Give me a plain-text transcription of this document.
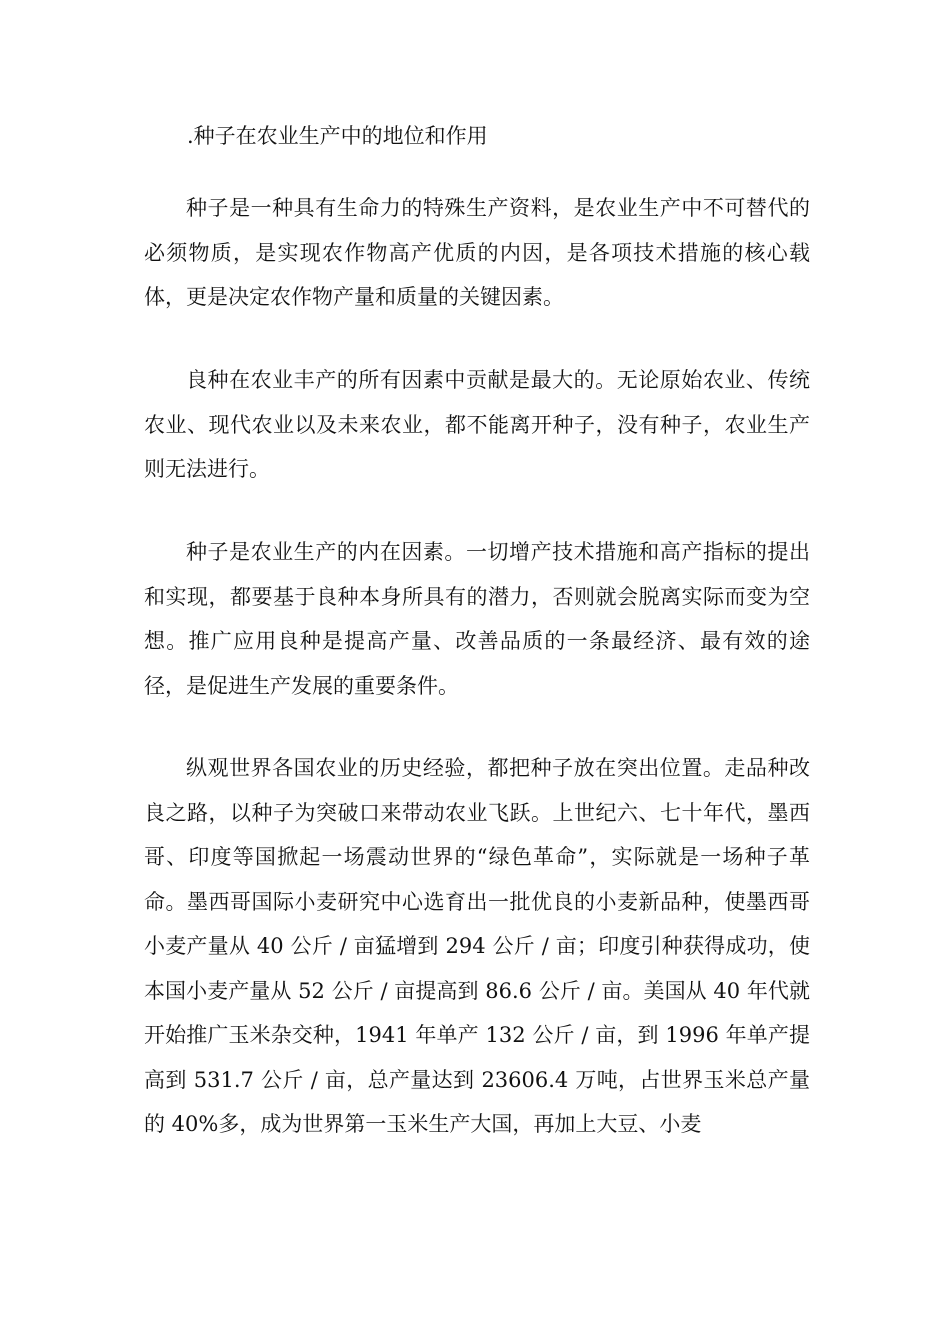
.种子在农业生产中的地位和作用

种子是一种具有生命力的特殊生产资料，是农业生产中不可替代的必须物质，是实现农作物高产优质的内因，是各项技术措施的核心载体，更是决定农作物产量和质量的关键因素。

良种在农业丰产的所有因素中贡献是最大的。无论原始农业、传统农业、现代农业以及未来农业，都不能离开种子，没有种子，农业生产则无法进行。

种子是农业生产的内在因素。一切增产技术措施和高产指标的提出和实现，都要基于良种本身所具有的潜力，否则就会脱离实际而变为空想。推广应用良种是提高产量、改善品质的一条最经济、最有效的途径，是促进生产发展的重要条件。

纵观世界各国农业的历史经验，都把种子放在突出位置。走品种改良之路，以种子为突破口来带动农业飞跃。上世纪六、七十年代，墨西哥、印度等国掀起一场震动世界的“绿色革命”，实际就是一场种子革命。墨西哥国际小麦研究中心选育出一批优良的小麦新品种，使墨西哥小麦产量从 40 公斤 / 亩猛增到 294 公斤 / 亩；印度引种获得成功，使本国小麦产量从 52 公斤 / 亩提高到 86.6 公斤 / 亩。美国从 40 年代就开始推广玉米杂交种，1941 年单产 132 公斤 / 亩，到 1996 年单产提高到 531.7 公斤 / 亩，总产量达到 23606.4 万吨，占世界玉米总产量的 40%多，成为世界第一玉米生产大国，再加上大豆、小麦
